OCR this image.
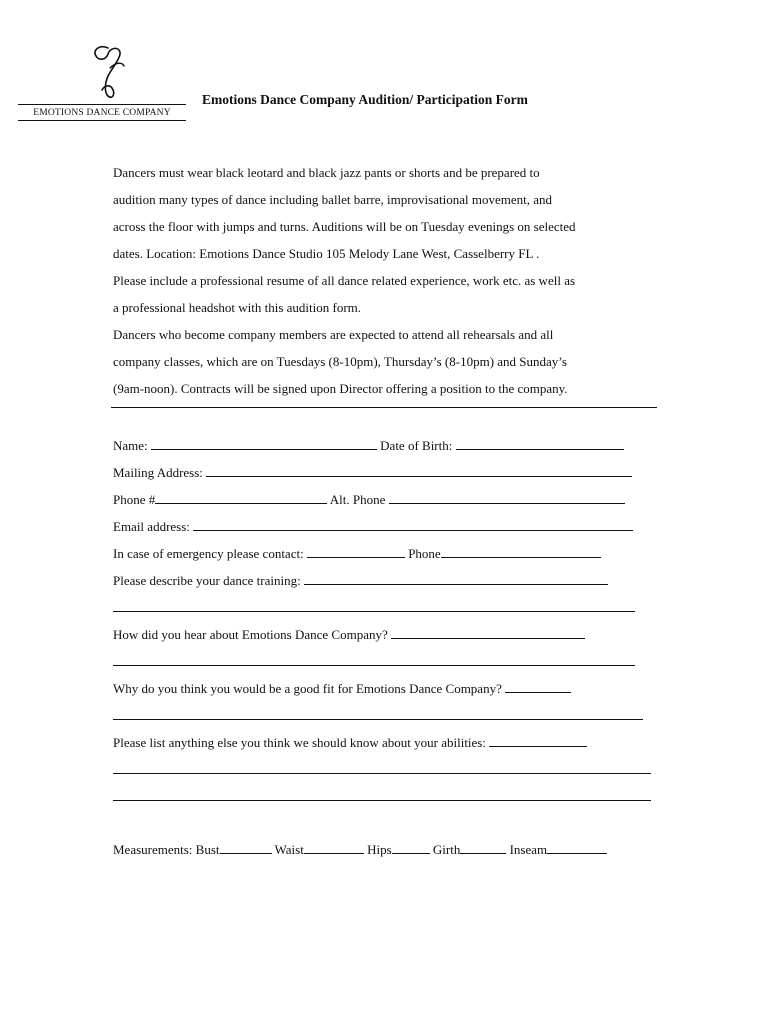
EMOTIONS DANCE COMPANY
Emotions Dance Company Audition/ Participation Form
Dancers must wear black leotard and black jazz pants or shorts and be prepared to
audition many types of dance including ballet barre, improvisational movement, and
across the floor with jumps and turns. Auditions will be on Tuesday evenings on selected
dates. Location: Emotions Dance Studio 105 Melody Lane West, Casselberry FL .
Please include a professional resume of all dance related experience, work etc. as well as
a professional headshot with this audition form.
Dancers who become company members are expected to attend all rehearsals and all
company classes, which are on Tuesdays (8-10pm), Thursday’s (8-10pm) and Sunday’s
(9am-noon). Contracts will be signed upon Director offering a position to the company.
Name:	Date of Birth:
Mailing Address:
Phone #	Alt. Phone
Email address:
In case of emergency please contact:	Phone
Please describe your dance training:
How did you hear about Emotions Dance Company?
Why do you think you would be a good fit for Emotions Dance Company?
Please list anything else you think we should know about your abilities:
Measurements: Bust	Waist	Hips	Girth	Inseam
